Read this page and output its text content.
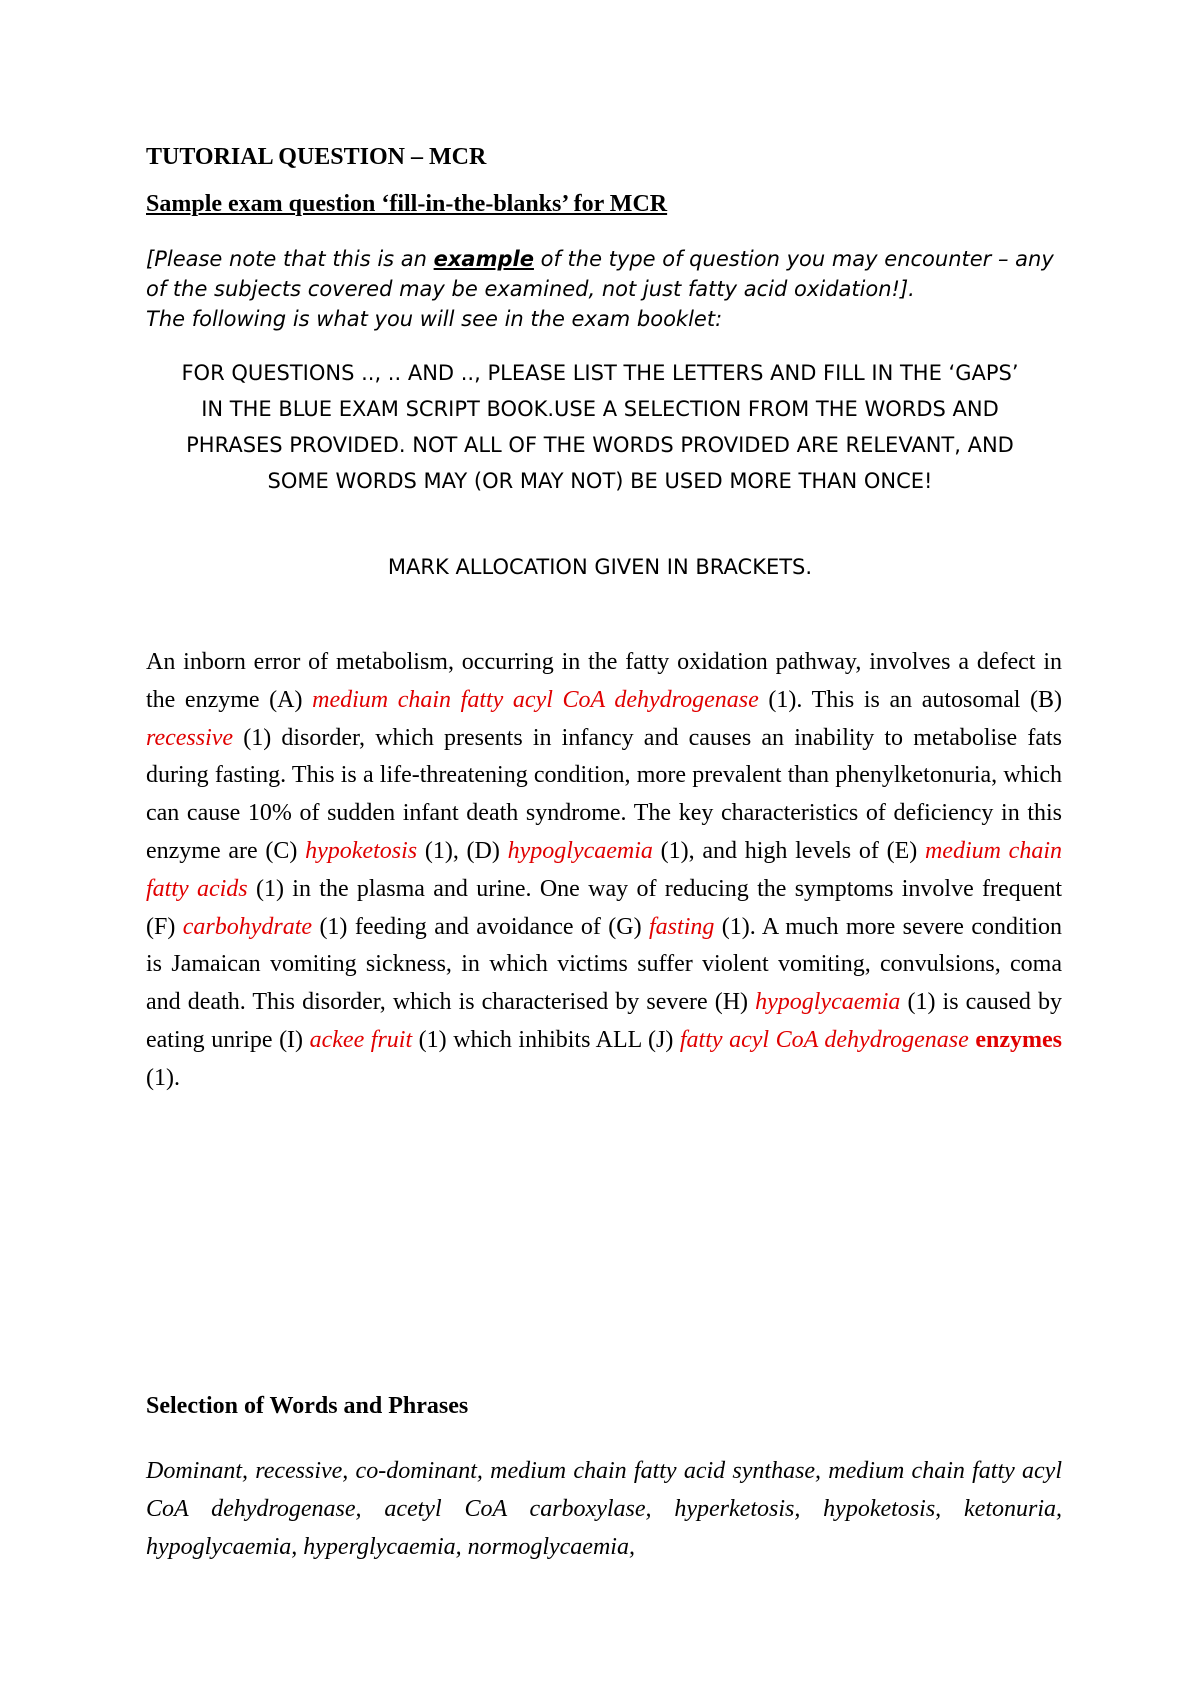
TUTORIAL QUESTION – MCR
Sample exam question ‘fill-in-the-blanks’ for MCR
[Please note that this is an example of the type of question you may encounter – any of the subjects covered may be examined, not just fatty acid oxidation!].
The following is what you will see in the exam booklet:
FOR QUESTIONS .., .. AND .., PLEASE LIST THE LETTERS AND FILL IN THE ‘GAPS’ IN THE BLUE EXAM SCRIPT BOOK.USE A SELECTION FROM THE WORDS AND PHRASES PROVIDED. NOT ALL OF THE WORDS PROVIDED ARE RELEVANT, AND SOME WORDS MAY (OR MAY NOT) BE USED MORE THAN ONCE!
MARK ALLOCATION GIVEN IN BRACKETS.
An inborn error of metabolism, occurring in the fatty oxidation pathway, involves a defect in the enzyme (A) medium chain fatty acyl CoA dehydrogenase (1). This is an autosomal (B) recessive (1) disorder, which presents in infancy and causes an inability to metabolise fats during fasting. This is a life-threatening condition, more prevalent than phenylketonuria, which can cause 10% of sudden infant death syndrome. The key characteristics of deficiency in this enzyme are (C) hypoketosis (1), (D) hypoglycaemia (1), and high levels of (E) medium chain fatty acids (1) in the plasma and urine. One way of reducing the symptoms involve frequent (F) carbohydrate (1) feeding and avoidance of (G) fasting (1). A much more severe condition is Jamaican vomiting sickness, in which victims suffer violent vomiting, convulsions, coma and death. This disorder, which is characterised by severe (H) hypoglycaemia (1) is caused by eating unripe (I) ackee fruit (1) which inhibits ALL (J) fatty acyl CoA dehydrogenase enzymes (1).
Selection of Words and Phrases
Dominant, recessive, co-dominant, medium chain fatty acid synthase, medium chain fatty acyl CoA dehydrogenase, acetyl CoA carboxylase, hyperketosis, hypoketosis, ketonuria, hypoglycaemia, hyperglycaemia, normoglycaemia,
